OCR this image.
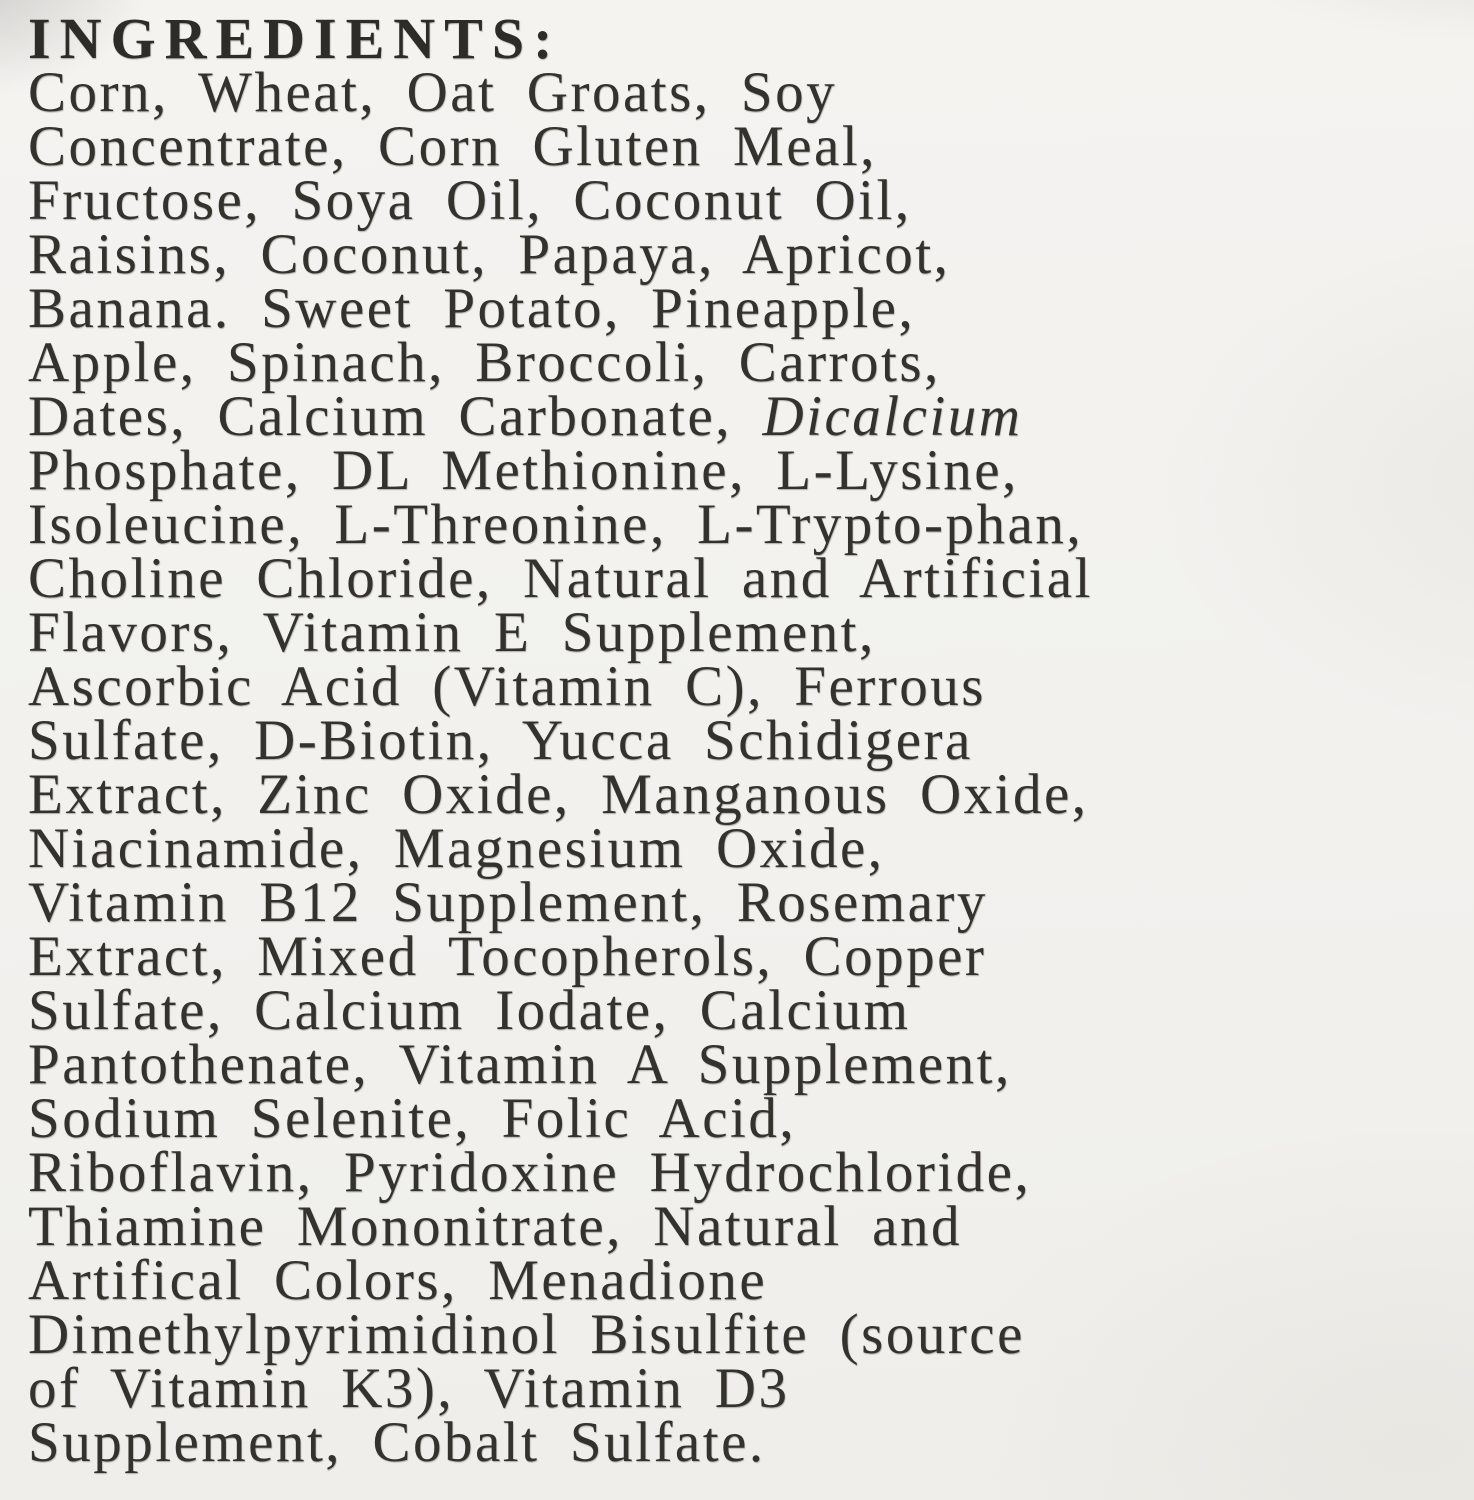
INGREDIENTS:
Corn, Wheat, Oat Groats, Soy
Concentrate, Corn Gluten Meal,
Fructose, Soya Oil, Coconut Oil,
Raisins, Coconut, Papaya, Apricot,
Banana. Sweet Potato, Pineapple,
Apple, Spinach, Broccoli, Carrots,
Dates, Calcium Carbonate, Dicalcium
Phosphate, DL Methionine, L-Lysine,
Isoleucine, L-Threonine, L-Trypto-phan,
Choline Chloride, Natural and Artificial
Flavors, Vitamin E Supplement,
Ascorbic Acid (Vitamin C), Ferrous
Sulfate, D-Biotin, Yucca Schidigera
Extract, Zinc Oxide, Manganous Oxide,
Niacinamide, Magnesium Oxide,
Vitamin B12 Supplement, Rosemary
Extract, Mixed Tocopherols, Copper
Sulfate, Calcium Iodate, Calcium
Pantothenate, Vitamin A Supplement,
Sodium Selenite, Folic Acid,
Riboflavin, Pyridoxine Hydrochloride,
Thiamine Mononitrate, Natural and
Artifical Colors, Menadione
Dimethylpyrimidinol Bisulfite (source
of Vitamin K3), Vitamin D3
Supplement, Cobalt Sulfate.
